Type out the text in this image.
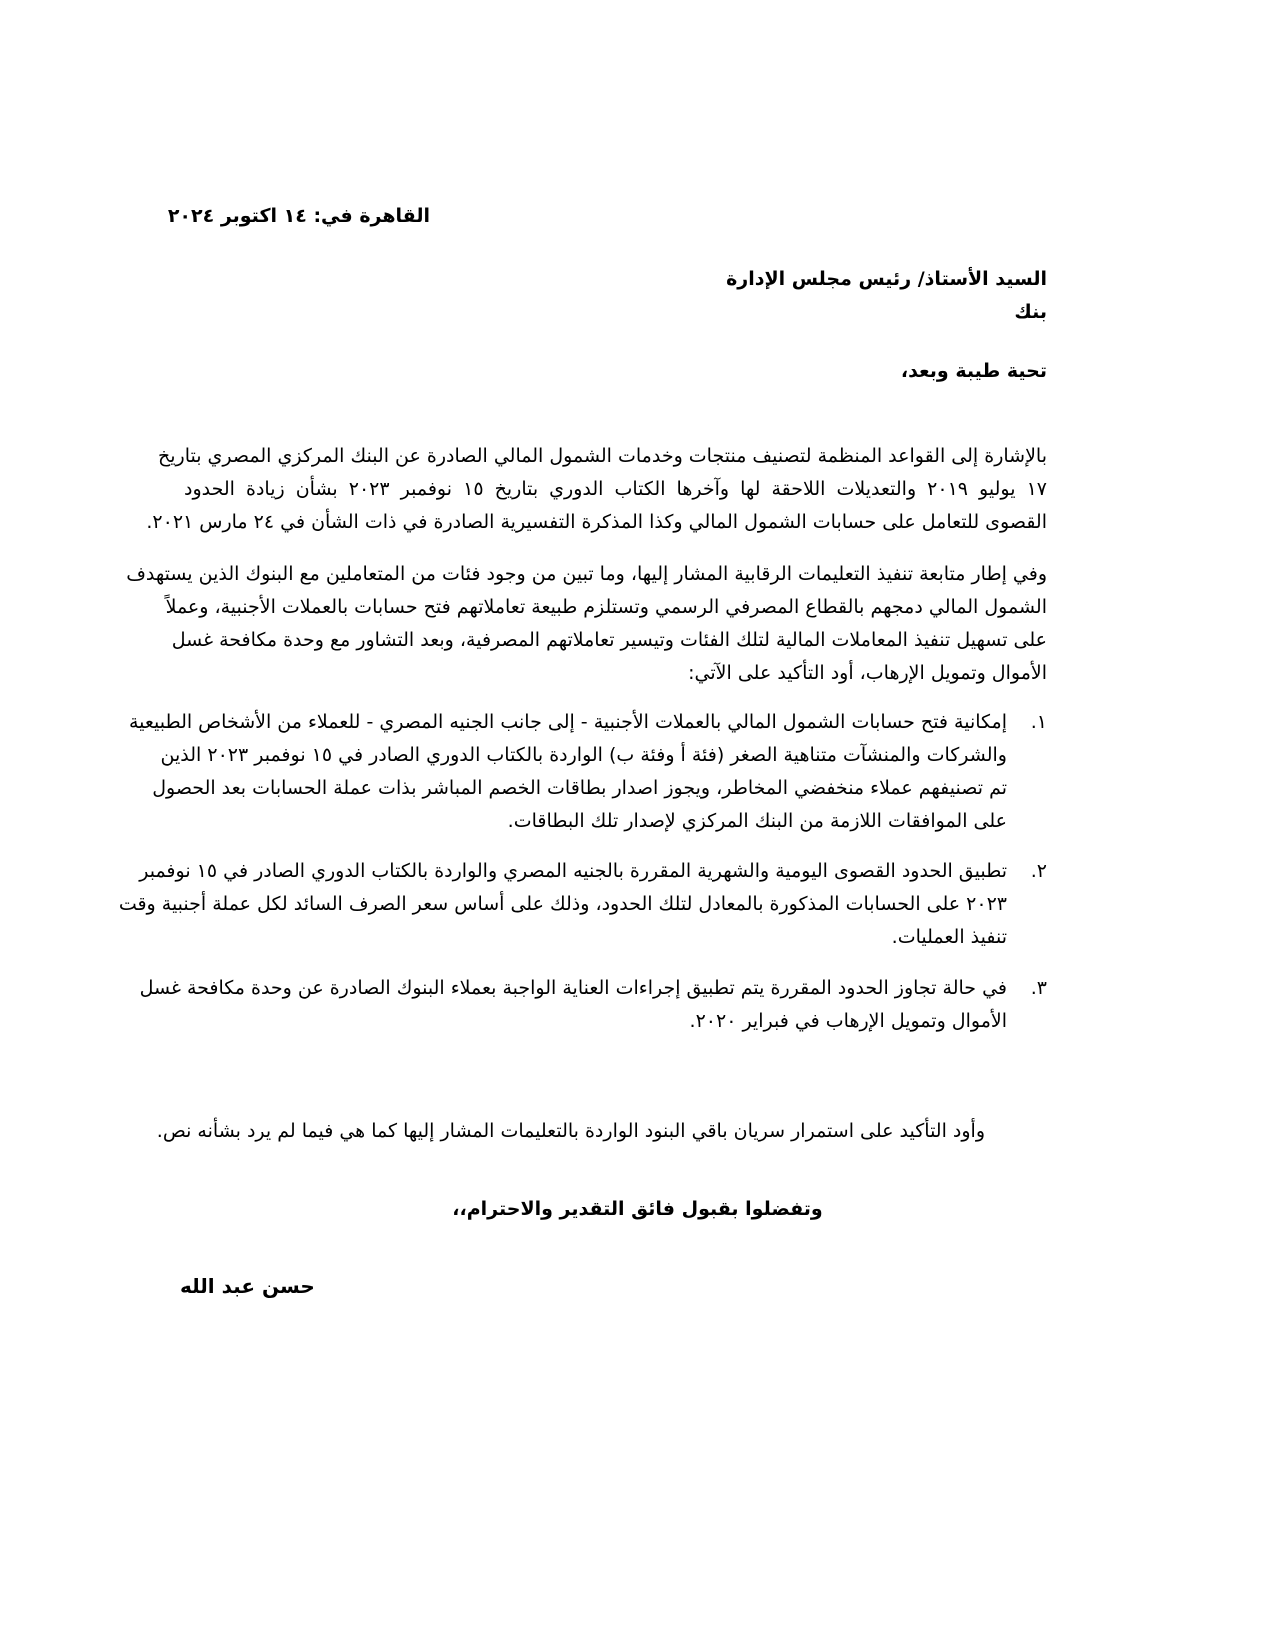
القاهرة في: ١٤ اكتوبر ٢٠٢٤
السيد الأستاذ/ رئيس مجلس الإدارة
بنك
تحية طيبة وبعد،
بالإشارة إلى القواعد المنظمة لتصنيف منتجات وخدمات الشمول المالي الصادرة عن البنك المركزي المصري بتاريخ
١٧ يوليو ٢٠١٩ والتعديلات اللاحقة لها وآخرها الكتاب الدوري بتاريخ ١٥ نوفمبر ٢٠٢٣ بشأن زيادة الحدود
القصوى للتعامل على حسابات الشمول المالي وكذا المذكرة التفسيرية الصادرة في ذات الشأن في ٢٤ مارس ٢٠٢١.
وفي إطار متابعة تنفيذ التعليمات الرقابية المشار إليها، وما تبين من وجود فئات من المتعاملين مع البنوك الذين يستهدف
الشمول المالي دمجهم بالقطاع المصرفي الرسمي وتستلزم طبيعة تعاملاتهم فتح حسابات بالعملات الأجنبية، وعملاً
على تسهيل تنفيذ المعاملات المالية لتلك الفئات وتيسير تعاملاتهم المصرفية، وبعد التشاور مع وحدة مكافحة غسل
الأموال وتمويل الإرهاب، أود التأكيد على الآتي:
١.
إمكانية فتح حسابات الشمول المالي بالعملات الأجنبية - إلى جانب الجنيه المصري - للعملاء من الأشخاص الطبيعية
والشركات والمنشآت متناهية الصغر (فئة أ وفئة ب) الواردة بالكتاب الدوري الصادر في ١٥ نوفمبر ٢٠٢٣ الذين
تم تصنيفهم عملاء منخفضي المخاطر، ويجوز اصدار بطاقات الخصم المباشر بذات عملة الحسابات بعد الحصول
على الموافقات اللازمة من البنك المركزي لإصدار تلك البطاقات.
٢.
تطبيق الحدود القصوى اليومية والشهرية المقررة بالجنيه المصري والواردة بالكتاب الدوري الصادر في ١٥ نوفمبر
٢٠٢٣ على الحسابات المذكورة بالمعادل لتلك الحدود، وذلك على أساس سعر الصرف السائد لكل عملة أجنبية وقت
تنفيذ العمليات.
٣.
في حالة تجاوز الحدود المقررة يتم تطبيق إجراءات العناية الواجبة بعملاء البنوك الصادرة عن وحدة مكافحة غسل
الأموال وتمويل الإرهاب في فبراير ٢٠٢٠.
وأود التأكيد على استمرار سريان باقي البنود الواردة بالتعليمات المشار إليها كما هي فيما لم يرد بشأنه نص.
وتفضلوا بقبول فائق التقدير والاحترام،،
حسن عبد الله
